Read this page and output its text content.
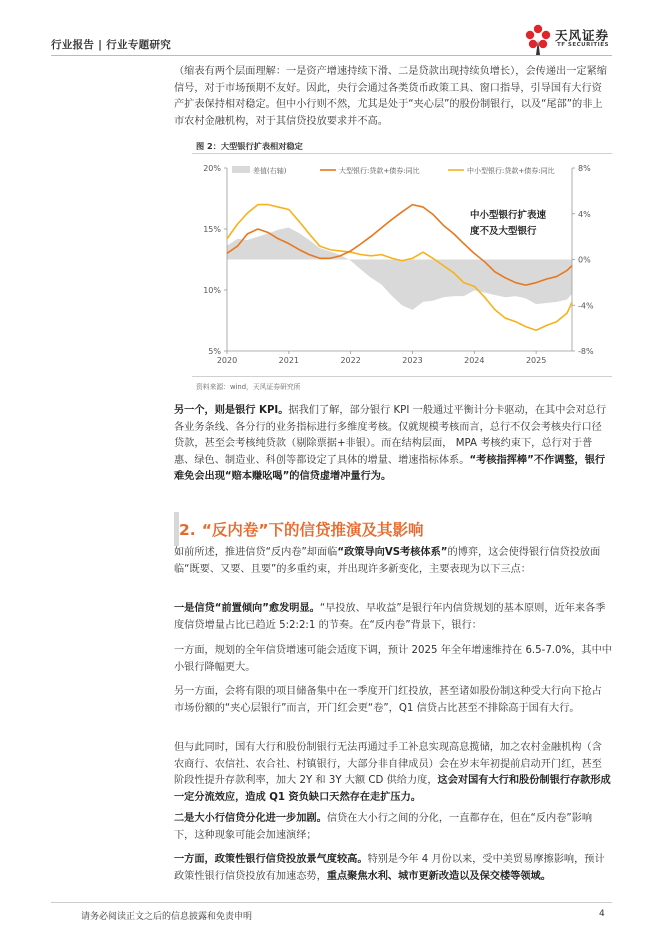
行业报告 | 行业专题研究
天风证券
TF SECURITIES

（缩表有两个层面理解：一是资产增速持续下滑、二是贷款出现持续负增长），会传递出一定紧缩信号，对于市场预期不友好。因此，央行会通过各类货币政策工具、窗口指导，引导国有大行资产扩表保持相对稳定。但中小行则不然，尤其是处于“夹心层”的股份制银行，以及“尾部”的非上市农村金融机构，对于其信贷投放要求并不高。

图 2：大型银行扩表相对稳定
5%
10%
15%
20%
-8%
-4%
0%
4%
8%
2020	2021	2022	2023	2024	2025
差值(右轴)	大型银行:贷款+债券:同比	中小型银行:贷款+债券:同比
中小型银行扩表速
度不及大型银行
资料来源：wind，天风证券研究所

另一个，则是银行 KPI。据我们了解，部分银行 KPI 一般通过平衡计分卡驱动，在其中会对总行各业务条线、各分行的业务指标进行多维度考核。仅就规模考核而言，总行不仅会考核央行口径贷款，甚至会考核纯贷款（剔除票据+非银）。而在结构层面， MPA 考核约束下，总行对于普惠、绿色、制造业、科创等都设定了具体的增量、增速指标体系。“考核指挥棒”不作调整，银行难免会出现“赔本赚吆喝”的信贷虚增冲量行为。

2. “反内卷”下的信贷推演及其影响

如前所述，推进信贷“反内卷”却面临“政策导向VS考核体系”的博弈，这会使得银行信贷投放面临“既要、又要、且要”的多重约束，并出现许多新变化，主要表现为以下三点：

一是信贷“前置倾向”愈发明显。“早投放、早收益”是银行年内信贷规划的基本原则，近年来各季度信贷增量占比已趋近 5:2:2:1 的节奏。在“反内卷”背景下，银行：

一方面，规划的全年信贷增速可能会适度下调，预计 2025 年全年增速维持在 6.5-7.0%，其中中小银行降幅更大。

另一方面，会将有限的项目储备集中在一季度开门红投放，甚至诸如股份制这种受大行向下抢占市场份额的“夹心层银行”而言，开门红会更“卷”，Q1 信贷占比甚至不排除高于国有大行。

但与此同时，国有大行和股份制银行无法再通过手工补息实现高息揽储，加之农村金融机构（含农商行、农信社、农合社、村镇银行，大部分非自律成员）会在岁末年初提前启动开门红，甚至阶段性提升存款利率，加大 2Y 和 3Y 大额 CD 供给力度，这会对国有大行和股份制银行存款形成一定分流效应，造成 Q1 资负缺口天然存在走扩压力。

二是大小行信贷分化进一步加剧。信贷在大小行之间的分化，一直都存在，但在“反内卷”影响下，这种现象可能会加速演绎；

一方面，政策性银行信贷投放景气度较高。特别是今年 4 月份以来，受中美贸易摩擦影响，预计政策性银行信贷投放有加速态势，重点聚焦水利、城市更新改造以及保交楼等领域。

请务必阅读正文之后的信息披露和免责申明	4
